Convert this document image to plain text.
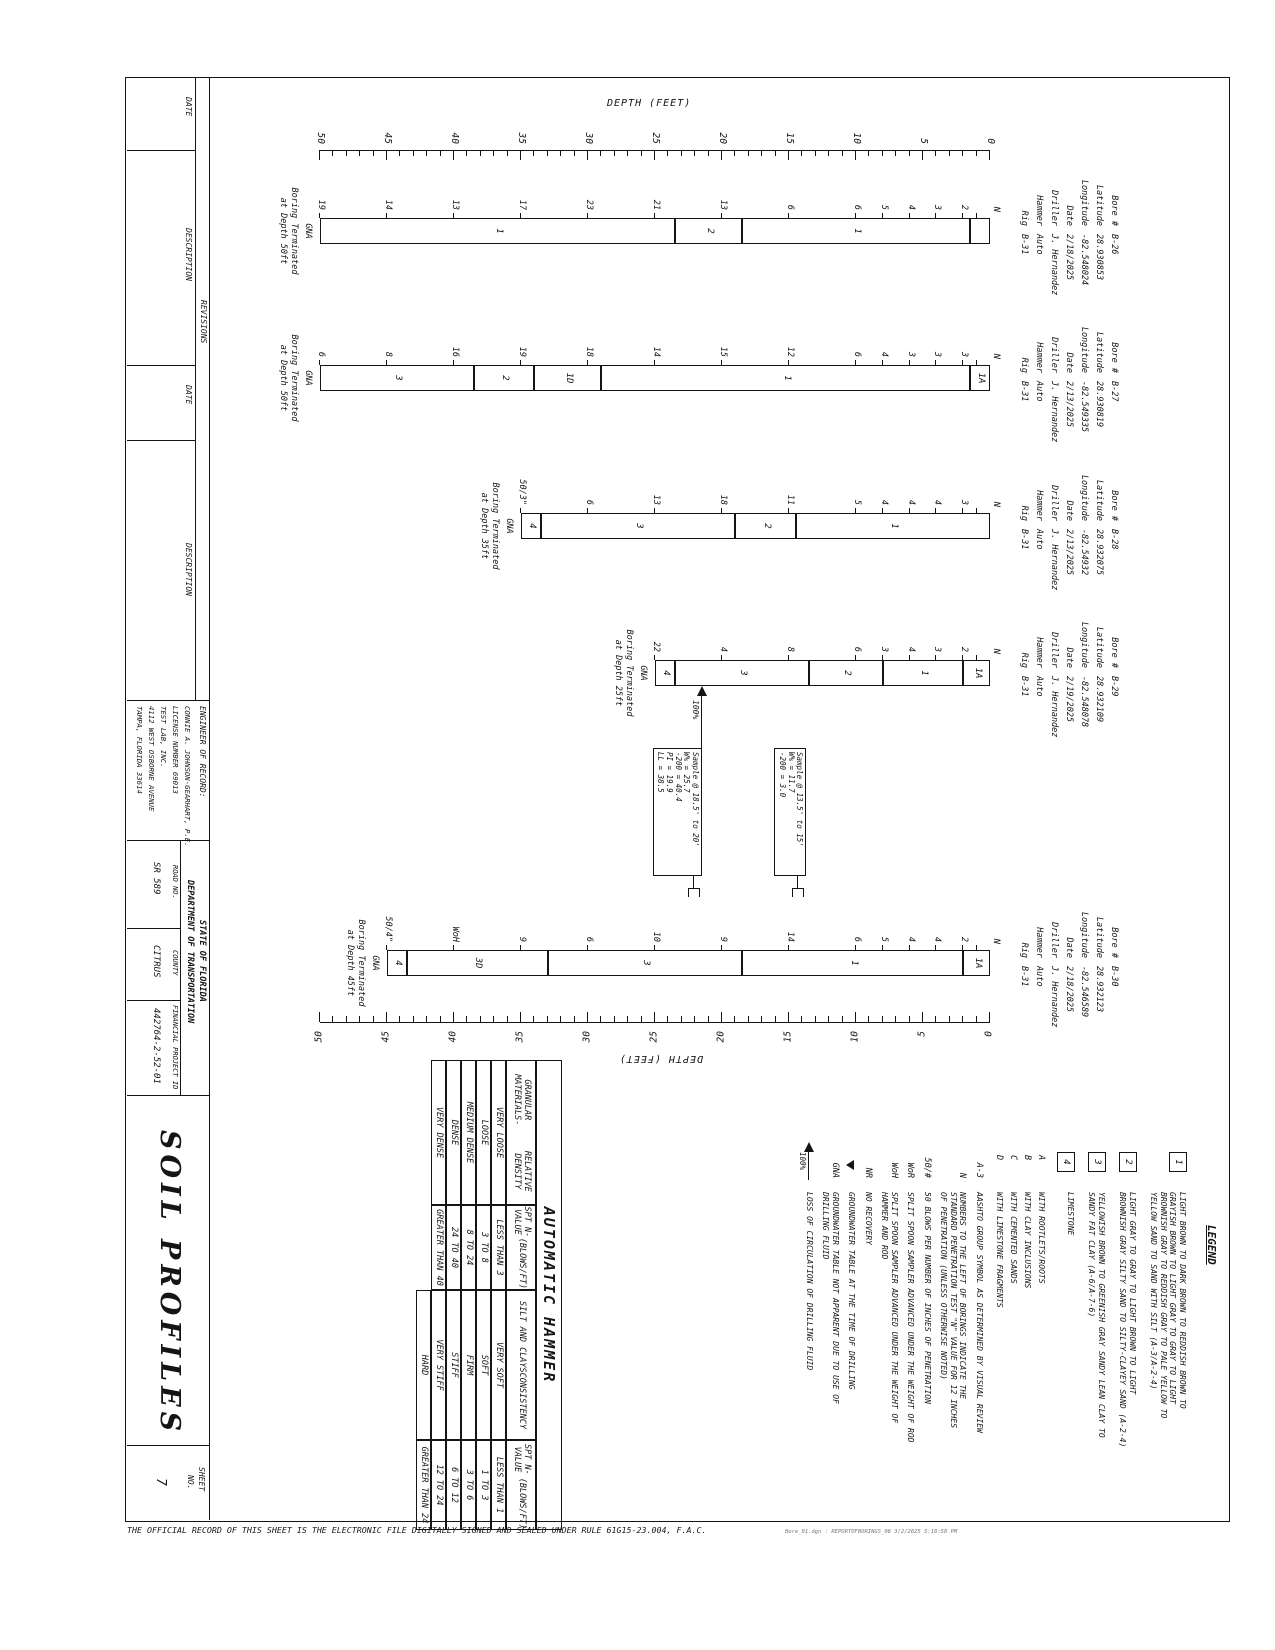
REVISIONS
DATE
DESCRIPTION
DATE
DESCRIPTION
ENGINEER OF RECORD:
CONNIE A. JOHNSON-GEARHART, P.E.
LICENSE NUMBER 69013
TEST LAB, INC.
4112 WEST OSBORNE AVENUE
TAMPA, FLORIDA 33614
STATE OF FLORIDA
DEPARTMENT OF TRANSPORTATION
ROAD NO.
COUNTY
FINANCIAL PROJECT ID
SR 589
CITRUS
442764-2-52-01
SOIL PROFILES
SHEET
NO.
7
THE OFFICIAL RECORD OF THIS SHEET IS THE ELECTRONIC FILE DIGITALLY SIGNED AND SEALED UNDER RULE 61G15-23.004, F.A.C.	Bore_01.dgn : REPORTOFBORINGS_06 3/2/2025 5:10:58 PM
0
5
10
15
20
25
30
35
40
45
50
DEPTH (FEET)
0
5
10
15
20
25
30
35
40
45
50
DEPTH (FEET)
Bore #
B-26
Latitude
28.930853
Longitude
-82.548024
Date
2/18/2025
Driller
J. Hernandez
Hammer
Auto
Rig
B-31
N
1
2
1
2
3
4
5
6
6
13
21
23
17
13
14
19
GNA
Boring Terminated
at Depth 50ft
Bore #
B-27
Latitude
28.930819
Longitude
-82.549335
Date
2/13/2025
Driller
J. Hernandez
Hammer
Auto
Rig
B-31
N
1A
1
1D
2
3
3
3
3
4
6
12
15
14
18
19
16
8
6
GNA
Boring Terminated
at Depth 50ft
Bore #
B-28
Latitude
28.932075
Longitude
-82.54932
Date
2/13/2025
Driller
J. Hernandez
Hammer
Auto
Rig
B-31
N
1
2
3
4
3
4
4
4
5
11
18
13
6
50/3"
GNA
Boring Terminated
at Depth 35ft
Bore #
B-29
Latitude
28.932109
Longitude
-82.548078
Date
2/19/2025
Driller
J. Hernandez
Hammer
Auto
Rig
B-31
N
1A
1
2
3
4
2
3
4
3
6
8
4
22
GNA
Boring Terminated
at Depth 25ft
100%
Sample @ 13.5' to 15'
W% = 11.7
-200 = 3.0
Sample @ 18.5' to 20'
W% = 25.7
-200 = 40.4
PI = 19.9
LL = 38.5
Bore #
B-30
Latitude
28.932123
Longitude
-82.546589
Date
2/18/2025
Driller
J. Hernandez
Hammer
Auto
Rig
B-31
N
1A
1
3
3D
4
2
4
4
5
6
14
9
10
6
9
WoH
50/4"
GNA
Boring Terminated
at Depth 45ft
LEGEND
1
LIGHT BROWN TO DARK BROWN TO REDDISH BROWN TO
GRAYISH BROWN TO LIGHT GRAY TO GRAY TO LIGHT
BROWNISH GRAY TO REDDISH GRAY TO PALE YELLOW TO
YELLOW SAND TO SAND WITH SILT (A-3/A-2-4)
2
LIGHT GRAY TO GRAY TO LIGHT BROWN TO LIGHT
BROWNISH GRAY SILTY SAND TO SILTY-CLAYEY SAND (A-2-4)
3
YELLOWISH BROWN TO GREENISH GRAY SANDY LEAN CLAY TO
SANDY FAT CLAY (A-6/A-7-6)
4
LIMESTONE
A
WITH ROOTLETS/ROOTS
B
WITH CLAY INCLUSIONS
C
WITH CEMENTED SANDS
D
WITH LIMESTONE FRAGMENTS
A-3
AASHTO GROUP SYMBOL AS DETERMINED BY VISUAL REVIEW
N
NUMBERS TO THE LEFT OF BORINGS INDICATE THE
STANDARD PENETRATION TEST "N" VALUE FOR 12 INCHES
OF PENETRATION (UNLESS OTHERWISE NOTED)
50/#
50 BLOWS PER NUMBER OF INCHES OF PENETRATION
WoR
SPLIT SPOON SAMPLER ADVANCED UNDER THE WEIGHT OF ROD
WoH
SPLIT SPOON SAMPLER ADVANCED UNDER THE WEIGHT OF
HAMMER AND ROD
NR
NO RECOVERY
GROUNDWATER TABLE AT THE TIME OF DRILLING
GNA
GROUNDWATER TABLE NOT APPARENT DUE TO USE OF
DRILLING FLUID
100%
LOSS OF CIRCULATION OF DRILLING FLUID
AUTOMATIC HAMMER
GRANULAR MATERIALS-
RELATIVE DENSITY
SPT N-VALUE
(BLOWS/FT)
SILT AND CLAYS
CONSISTENCY
SPT N-VALUE
(BLOWS/FT)
VERY LOOSE
LESS THAN 3
LOOSE
3 TO 8
MEDIUM DENSE
8 TO 24
DENSE
24 TO 40
VERY DENSE
GREATER THAN 40
VERY SOFT
LESS THAN 1
SOFT
1 TO 3
FIRM
3 TO 6
STIFF
6 TO 12
VERY STIFF
12 TO 24
HARD
GREATER THAN 24
